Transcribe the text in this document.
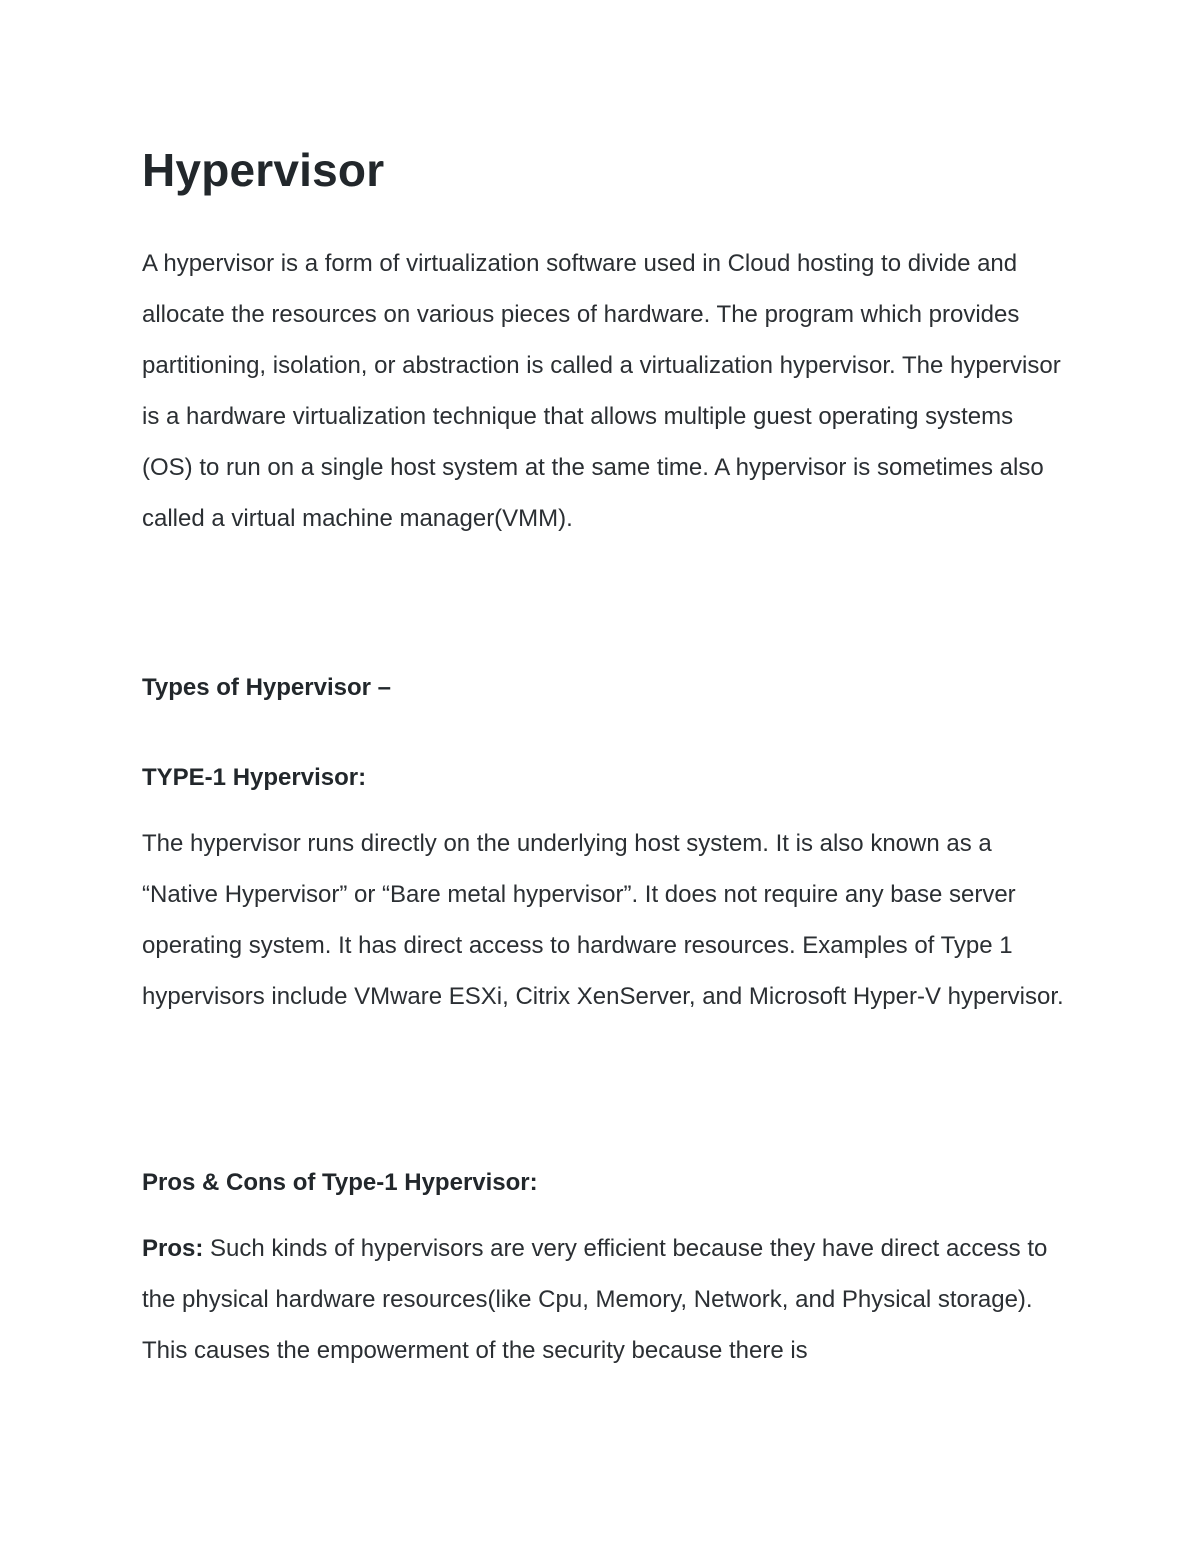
Hypervisor

A hypervisor is a form of virtualization software used in Cloud hosting to divide and allocate the resources on various pieces of hardware. The program which provides partitioning, isolation, or abstraction is called a virtualization hypervisor. The hypervisor is a hardware virtualization technique that allows multiple guest operating systems (OS) to run on a single host system at the same time. A hypervisor is sometimes also called a virtual machine manager(VMM).

Types of Hypervisor –

TYPE-1 Hypervisor:

The hypervisor runs directly on the underlying host system. It is also known as a “Native Hypervisor” or “Bare metal hypervisor”. It does not require any base server operating system. It has direct access to hardware resources. Examples of Type 1 hypervisors include VMware ESXi, Citrix XenServer, and Microsoft Hyper-V hypervisor.

Pros & Cons of Type-1 Hypervisor:

Pros: Such kinds of hypervisors are very efficient because they have direct access to the physical hardware resources(like Cpu, Memory, Network, and Physical storage). This causes the empowerment of the security because there is
